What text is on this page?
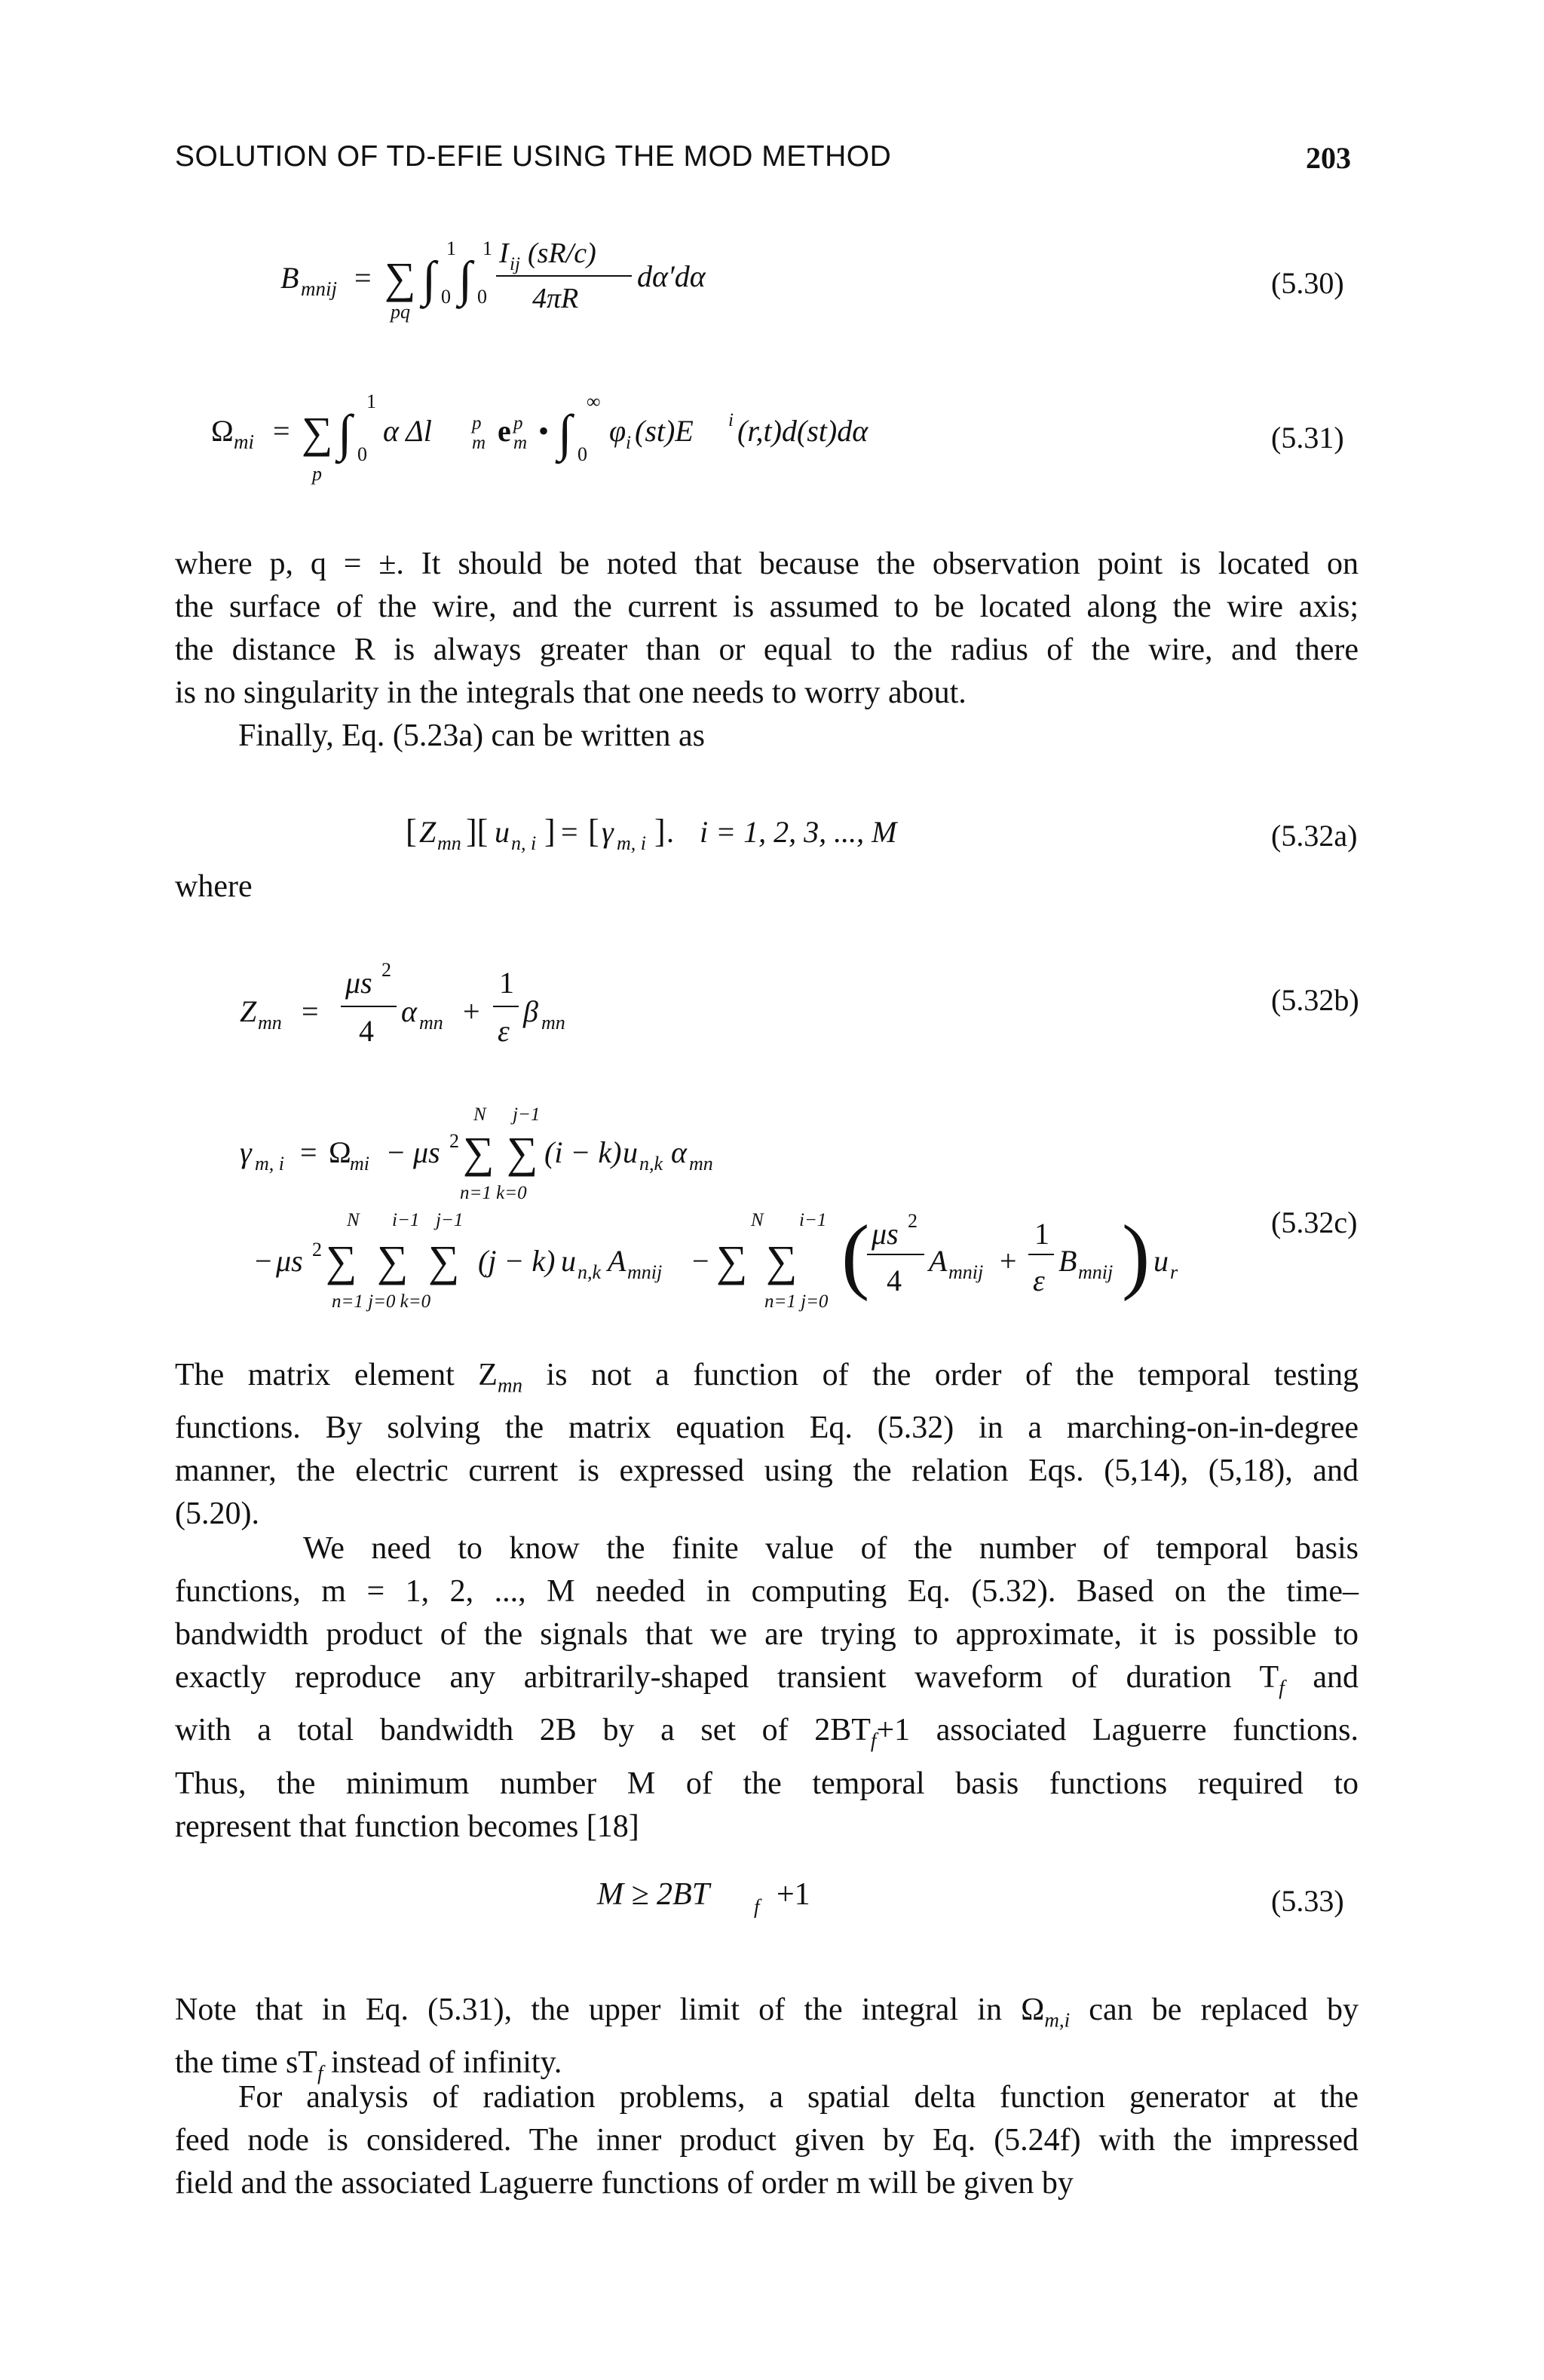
SOLUTION OF TD-EFIE USING THE MOD METHOD	203
B mnij = ∑
pq
∫
1
0 ∫
1
0
I ij (sR/c)
4πR
dα′dα	(5.30)
Ω mi = ∑
p
∫
1
0
α Δl p
m e p
m • ∫
∞
0
φ i (st)E i (r,t)d(st)dα	(5.31)
where p, q = ±. It should be noted that because the observation point is located on
the surface of the wire, and the current is assumed to be located along the wire axis;
the distance R is always greater than or equal to the radius of the wire, and there
is no singularity in the integrals that one needs to worry about.
Finally, Eq. (5.23a) can be written as
[ Z mn ][ u n, i ] = [ γ m, i ] . i = 1, 2, 3, ..., M	(5.32a)
where
Z mn =
μs 2
4
α mn +
1
ε
β mn
(5.32b)
γ m, i = Ω
mi − μs 2 ∑
N
∑
j−1
n=1 k=0
(i − k) u n,k α mn
− μs 2 ∑
N
∑
i−1
∑
j−1
n=1 j=0 k=0
(j − k) u n,k A mnij − ∑
N
∑
i−1
n=1 j=0 ( μs 2
4
A mnij +
1
ε
B mnij ) u r
(5.32c)
The matrix element $Z_{mn}$ is not a function of the order of the temporal testing
functions. By solving the matrix equation Eq. (5.32) in a marching-on-in-degree
manner, the electric current is expressed using the relation Eqs. (5,14), (5,18), and
(5.20).
We need to know the finite value of the number of temporal basis
functions, m = 1, 2, ..., M needed in computing Eq. (5.32). Based on the time–
bandwidth product of the signals that we are trying to approximate, it is possible to
exactly reproduce any arbitrarily-shaped transient waveform of duration $T_f$ and
with a total bandwidth 2B by a set of $2BT_f+1$ associated Laguerre functions.
Thus, the minimum number M of the temporal basis functions required to
represent that function becomes [18]
M ≥ 2BT f +1	(5.33)
Note that in Eq. (5.31), the upper limit of the integral in $\Omega_{m,i}$ can be replaced by
the time $sT_f$ instead of infinity.
For analysis of radiation problems, a spatial delta function generator at the
feed node is considered. The inner product given by Eq. (5.24f) with the impressed
field and the associated Laguerre functions of order m will be given by
